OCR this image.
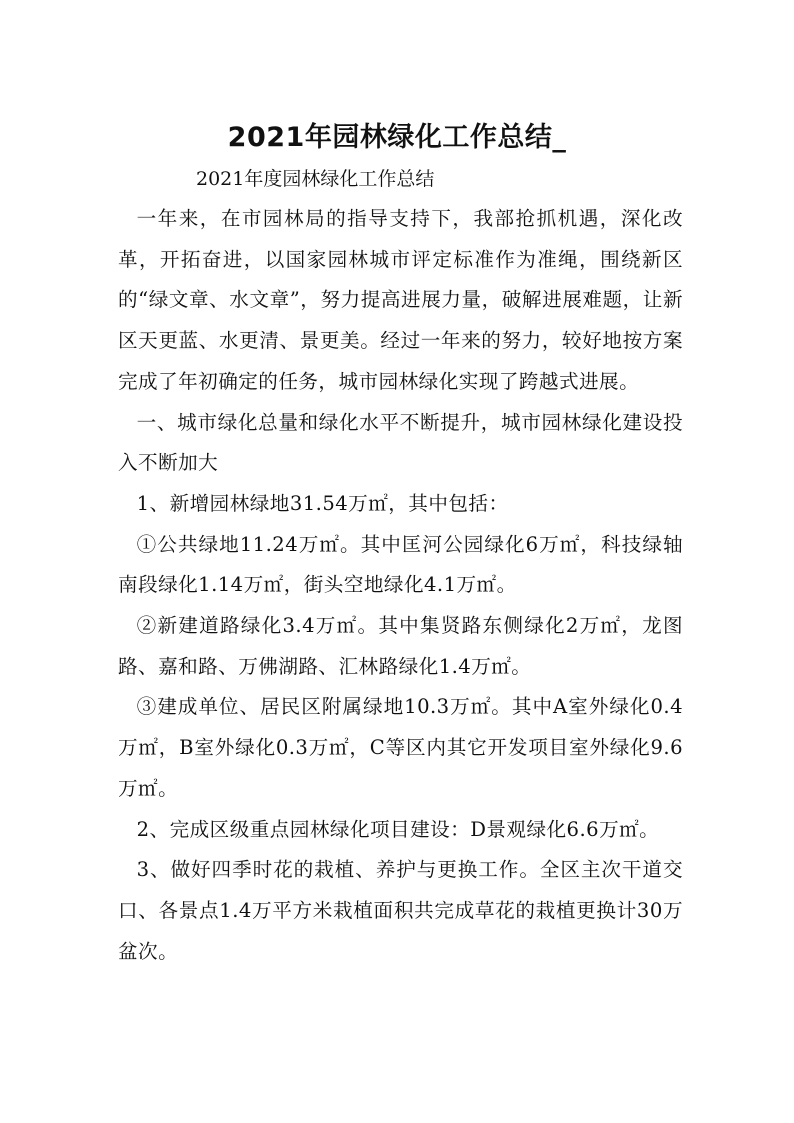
2021年园林绿化工作总结_
2021年度园林绿化工作总结

一年来，在市园林局的指导支持下，我部抢抓机遇，深化改革，开拓奋进，以国家园林城市评定标准作为准绳，围绕新区的“绿文章、水文章”，努力提高进展力量，破解进展难题，让新区天更蓝、水更清、景更美。经过一年来的努力，较好地按方案完成了年初确定的任务，城市园林绿化实现了跨越式进展。

一、城市绿化总量和绿化水平不断提升，城市园林绿化建设投入不断加大

1、新增园林绿地31.54万㎡，其中包括：

①公共绿地11.24万㎡。其中匡河公园绿化6万㎡，科技绿轴南段绿化1.14万㎡，街头空地绿化4.1万㎡。

②新建道路绿化3.4万㎡。其中集贤路东侧绿化2万㎡，龙图路、嘉和路、万佛湖路、汇林路绿化1.4万㎡。

③建成单位、居民区附属绿地10.3万㎡。其中A室外绿化0.4万㎡，B室外绿化0.3万㎡，C等区内其它开发项目室外绿化9.6万㎡。

2、完成区级重点园林绿化项目建设：D景观绿化6.6万㎡。

3、做好四季时花的栽植、养护与更换工作。全区主次干道交口、各景点1.4万平方米栽植面积共完成草花的栽植更换计30万盆次。
